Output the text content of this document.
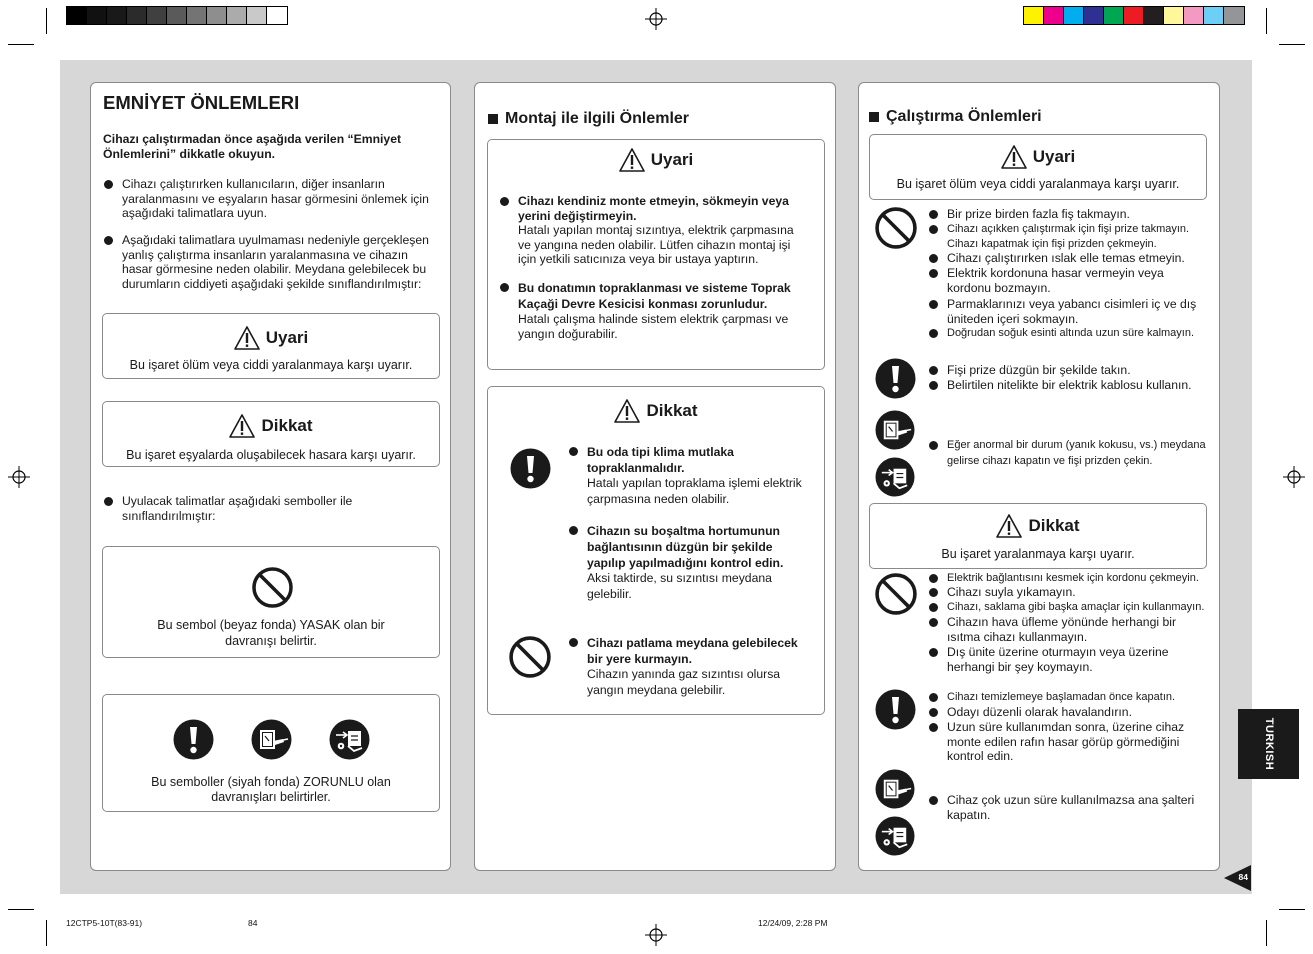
EMNİYET ÖNLEMLERI
Cihazı çalıştırmadan önce aşağıda verilen “Emniyet Önlemlerini” dikkatle okuyun.
Cihazı çalıştırırken kullanıcıların, diğer insanların yaralanmasını ve eşyaların hasar görmesini önlemek için aşağıdaki talimatlara uyun.
Aşağıdaki talimatlara uyulmaması nedeniyle gerçekleşen yanlış çalıştırma insanların yaralanmasına ve cihazın hasar görmesine neden olabilir. Meydana gelebilecek bu durumların ciddiyeti aşağıdaki şekilde sınıflandırılmıştır:
Uyari
Bu işaret ölüm veya ciddi yaralanmaya karşı uyarır.
Dikkat
Bu işaret eşyalarda oluşabilecek hasara karşı uyarır.
Uyulacak talimatlar aşağıdaki semboller ile sınıflandırılmıştır:
Bu sembol (beyaz fonda) YASAK olan bir davranışı belirtir.
Bu semboller (siyah fonda) ZORUNLU olan davranışları belirtirler.
Montaj ile ilgili Önlemler
Uyari
Cihazı kendiniz monte etmeyin, sökmeyin veya yerini değiştirmeyin.
Hatalı yapılan montaj sızıntıya, elektrik çarpmasına ve yangına neden olabilir. Lütfen cihazın montaj işi için yetkili satıcınıza veya bir ustaya yaptırın.
Bu donatımın topraklanması ve sisteme Toprak Kaçaği Devre Kesicisi konması zorunludur.
Hatalı çalışma halinde sistem elektrik çarpması ve yangın doğurabilir.
Dikkat
Bu oda tipi klima mutlaka topraklanmalıdır.
Hatalı yapılan topraklama işlemi elektrik çarpmasına neden olabilir.
Cihazın su boşaltma hortumunun bağlantısının düzgün bir şekilde yapılıp yapılmadığını kontrol edin.
Aksi taktirde, su sızıntısı meydana gelebilir.
Cihazı patlama meydana gelebilecek bir yere kurmayın.
Cihazın yanında gaz sızıntısı olursa yangın meydana gelebilir.
Çalıştırma Önlemleri
Uyari
Bu işaret ölüm veya ciddi yaralanmaya karşı uyarır.
Bir prize birden fazla fiş takmayın.
Cihazı açıkken çalıştırmak için fişi prize takmayın. Cihazı kapatmak için fişi prizden çekmeyin.
Cihazı çalıştırırken ıslak elle temas etmeyin.
Elektrik kordonuna hasar vermeyin veya kordonu bozmayın.
Parmaklarınızı veya yabancı cisimleri iç ve dış üniteden içeri sokmayın.
Doğrudan soğuk esinti altında uzun süre kalmayın.
Fişi prize düzgün bir şekilde takın.
Belirtilen nitelikte bir elektrik kablosu kullanın.
Eğer anormal bir durum (yanık kokusu, vs.) meydana gelirse cihazı kapatın ve fişi prizden çekin.
Dikkat
Bu işaret yaralanmaya karşı uyarır.
Elektrik bağlantısını kesmek için kordonu çekmeyin.
Cihazı suyla yıkamayın.
Cihazı, saklama gibi başka amaçlar için kullanmayın.
Cihazın hava üfleme yönünde herhangi bir ısıtma cihazı kullanmayın.
Dış ünite üzerine oturmayın veya üzerine herhangi bir şey koymayın.
Cihazı temizlemeye başlamadan önce kapatın.
Odayı düzenli olarak havalandırın.
Uzun süre kullanımdan sonra, üzerine cihaz monte edilen rafın hasar görüp görmediğini kontrol edin.
Cihaz çok uzun süre kullanılmazsa ana şalteri kapatın.
TURKISH
84
12CTP5-10T(83-91)	84	12/24/09, 2:28 PM
